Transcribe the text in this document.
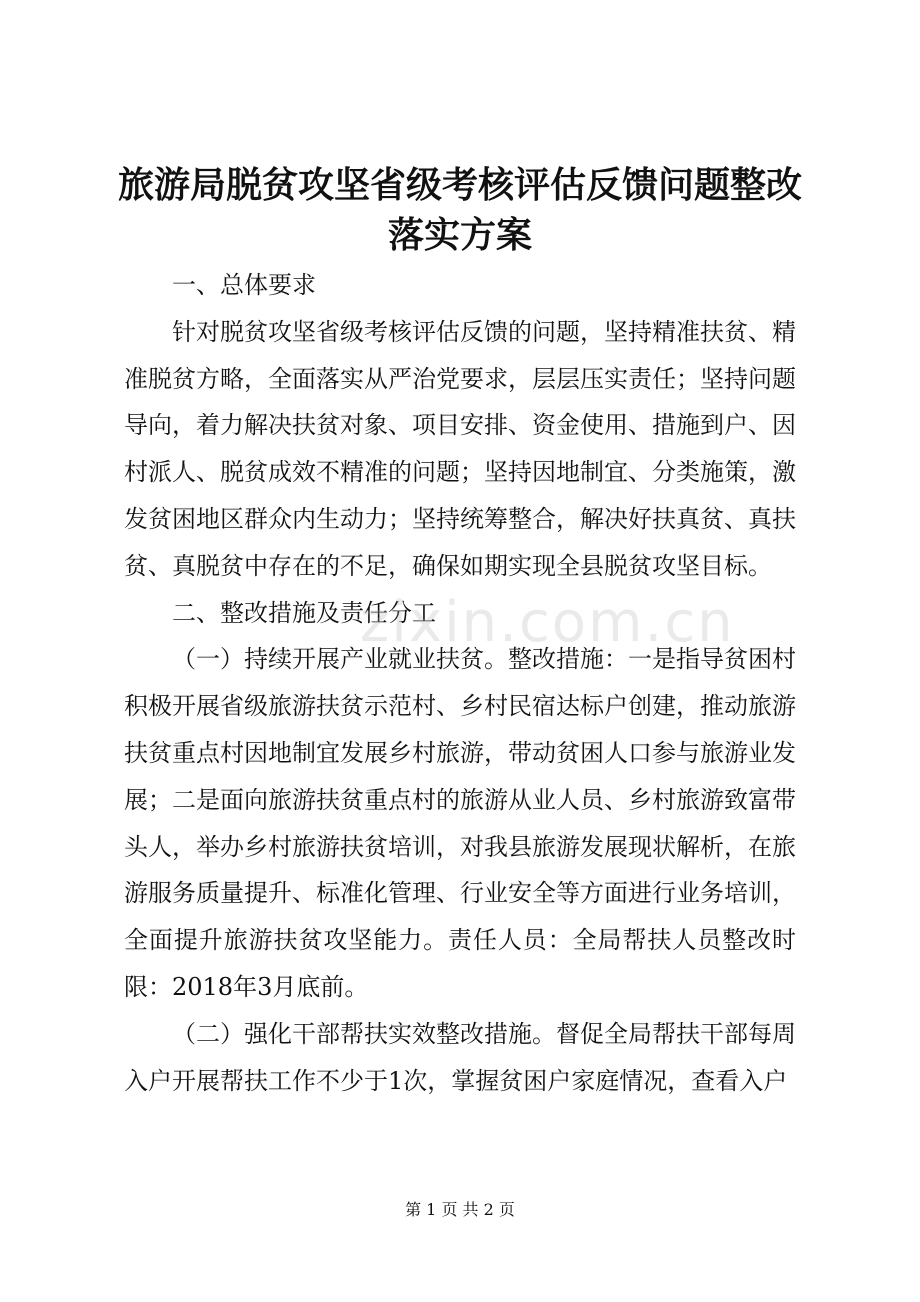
旅游局脱贫攻坚省级考核评估反馈问题整改落实方案

一、总体要求

针对脱贫攻坚省级考核评估反馈的问题，坚持精准扶贫、精准脱贫方略，全面落实从严治党要求，层层压实责任；坚持问题导向，着力解决扶贫对象、项目安排、资金使用、措施到户、因村派人、脱贫成效不精准的问题；坚持因地制宜、分类施策，激发贫困地区群众内生动力；坚持统筹整合，解决好扶真贫、真扶贫、真脱贫中存在的不足，确保如期实现全县脱贫攻坚目标。

二、整改措施及责任分工

（一）持续开展产业就业扶贫。整改措施：一是指导贫困村积极开展省级旅游扶贫示范村、乡村民宿达标户创建，推动旅游扶贫重点村因地制宜发展乡村旅游，带动贫困人口参与旅游业发展；二是面向旅游扶贫重点村的旅游从业人员、乡村旅游致富带头人，举办乡村旅游扶贫培训，对我县旅游发展现状解析，在旅游服务质量提升、标准化管理、行业安全等方面进行业务培训，全面提升旅游扶贫攻坚能力。责任人员：全局帮扶人员整改时限：2018年3月底前。

（二）强化干部帮扶实效整改措施。督促全局帮扶干部每周入户开展帮扶工作不少于1次，掌握贫困户家庭情况，查看入户

zixin.com.cn
第 1 页 共 2 页
